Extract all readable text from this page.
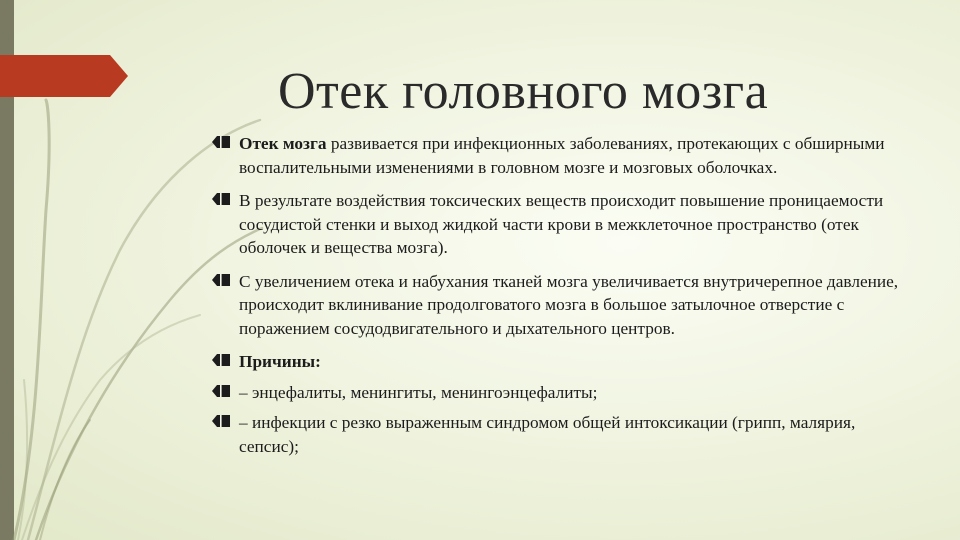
Отек головного мозга
Отек мозга развивается при инфекционных заболеваниях, протекающих с обширными воспалительными изменениями в головном мозге и мозговых оболочках.
В результате воздействия токсических веществ происходит повышение проницаемости сосудистой стенки и выход жидкой части крови в межклеточное пространство (отек оболочек и вещества мозга).
С увеличением отека и набухания тканей мозга увеличивается внутричерепное давление, происходит вклинивание продолговатого мозга в большое затылочное отверстие с поражением сосудодвигательного и дыхательного центров.
Причины:
– энцефалиты, менингиты, менингоэнцефалиты;
– инфекции с резко выраженным синдромом общей интоксикации (грипп, малярия, сепсис);
